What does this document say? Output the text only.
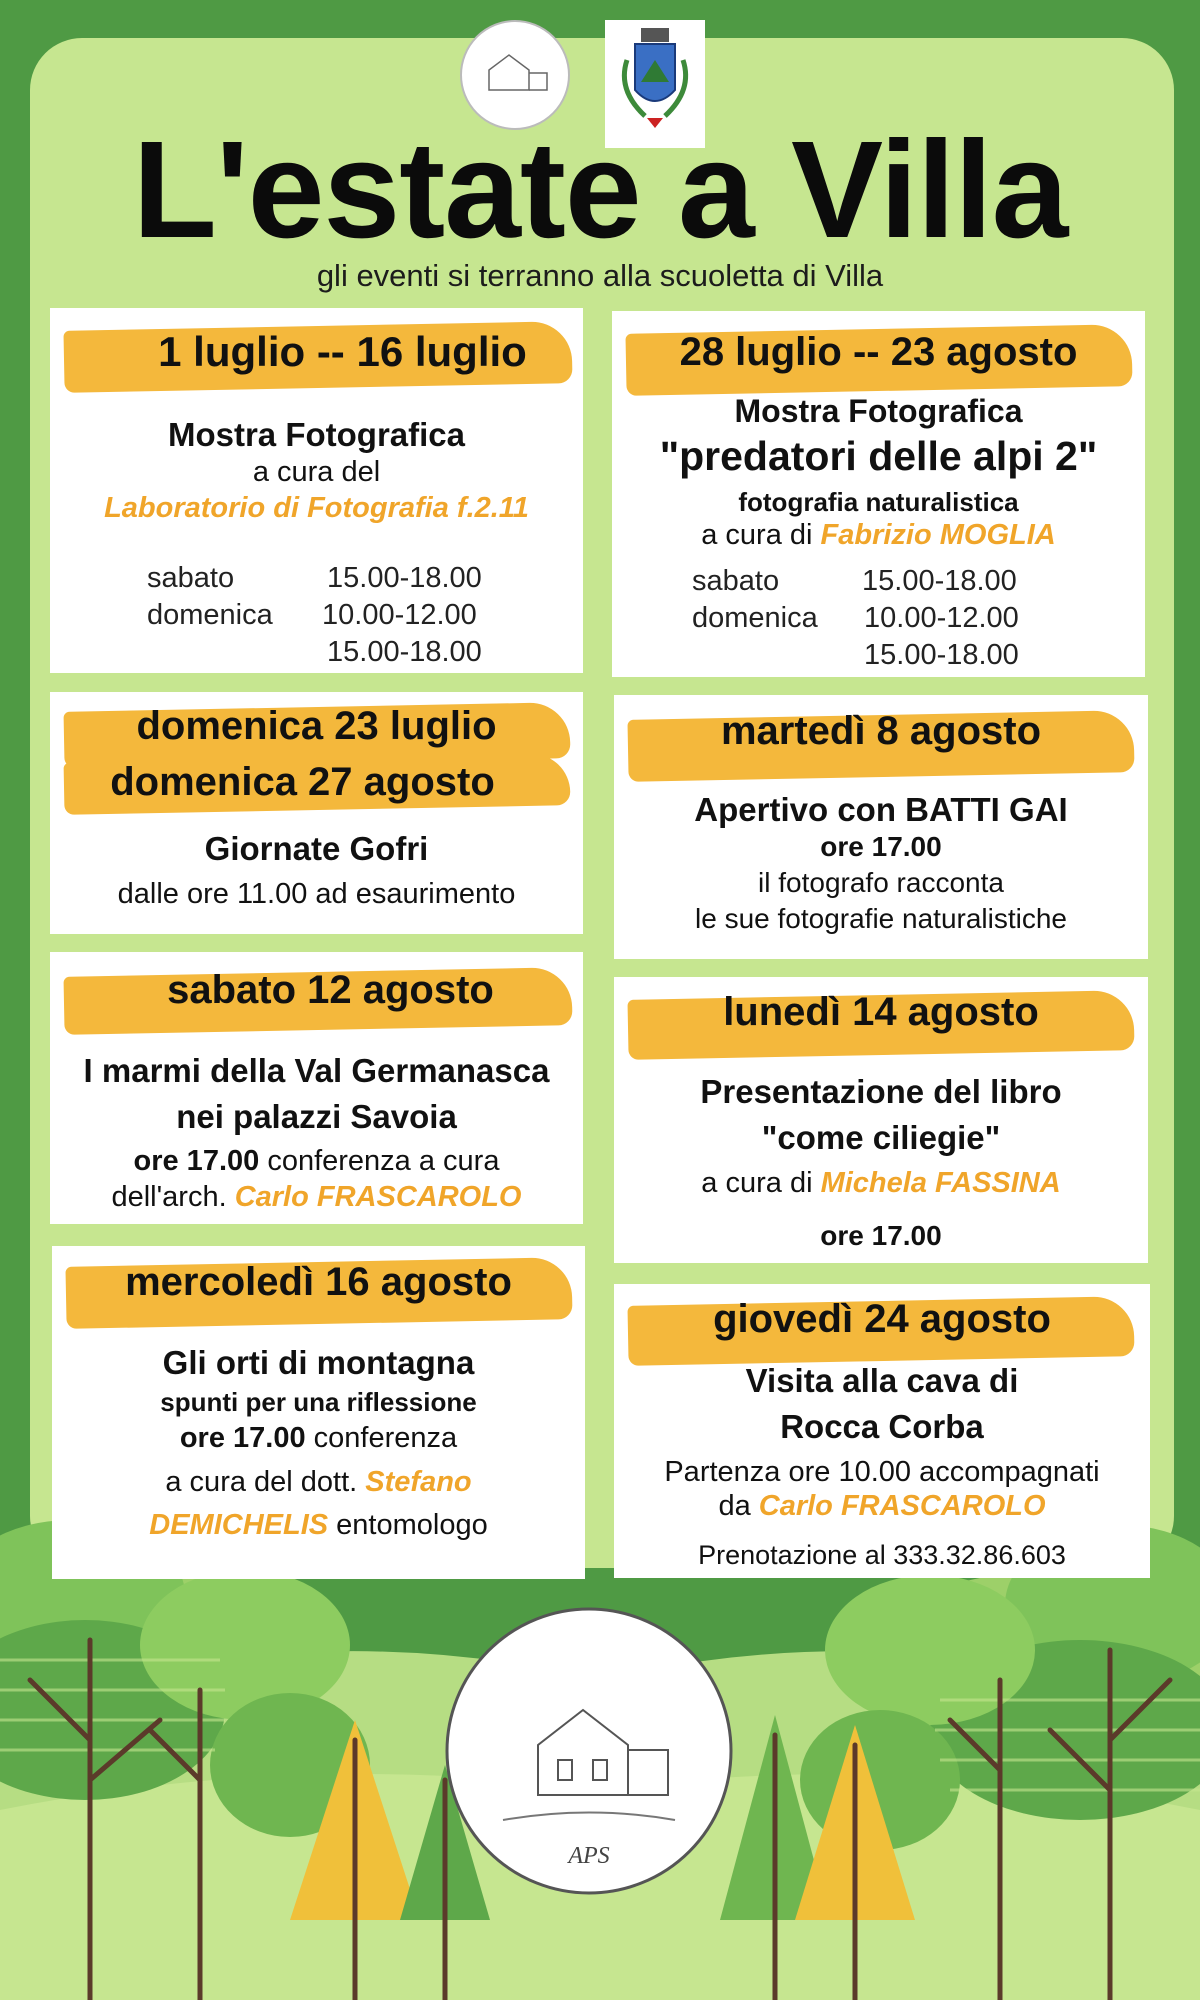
L'estate a Villa
gli eventi si terranno alla scuoletta di Villa
1 luglio -- 16 luglio
Mostra Fotografica
a cura del
Laboratorio di Fotografia f.2.11
sabato	15.00-18.00
domenica 10.00-12.00
15.00-18.00
28 luglio -- 23 agosto
Mostra Fotografica
"predatori delle alpi 2"
fotografia naturalistica
a cura di Fabrizio MOGLIA
sabato	15.00-18.00
domenica 10.00-12.00
15.00-18.00
domenica 23 luglio
domenica 27 agosto
Giornate Gofri
dalle ore 11.00 ad esaurimento
martedì 8 agosto
Apertivo con BATTI GAI
ore 17.00
il fotografo racconta
le sue fotografie naturalistiche
sabato 12 agosto
I marmi della Val Germanasca
nei palazzi Savoia
ore 17.00 conferenza a cura
dell'arch. Carlo FRASCAROLO
lunedì 14 agosto
Presentazione del libro
"come ciliegie"
a cura di Michela FASSINA
ore 17.00
mercoledì 16 agosto
Gli orti di montagna
spunti per una riflessione
ore 17.00 conferenza
a cura del dott. Stefano
DEMICHELIS entomologo
giovedì 24 agosto
Visita alla cava di
Rocca Corba
Partenza ore 10.00 accompagnati
da Carlo FRASCAROLO
Prenotazione al 333.32.86.603
APS
